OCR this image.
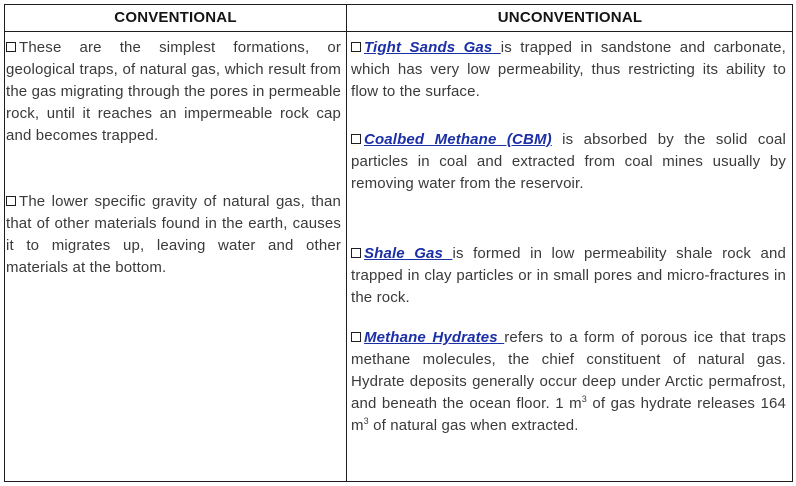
CONVENTIONAL	UNCONVENTIONAL

These are the simplest formations, or geological traps, of natural gas, which result from the gas migrating through the pores in permeable rock, until it reaches an impermeable rock cap and becomes trapped.

The lower specific gravity of natural gas, than that of other materials found in the earth, causes it to migrates up, leaving water and other materials at the bottom.

Tight Sands Gas is trapped in sandstone and carbonate, which has very low permeability, thus restricting its ability to flow to the surface.

Coalbed Methane (CBM) is absorbed by the solid coal particles in coal and extracted from coal mines usually by removing water from the reservoir.

Shale Gas is formed in low permeability shale rock and trapped in clay particles or in small pores and micro-fractures in the rock.

Methane Hydrates refers to a form of porous ice that traps methane molecules, the chief constituent of natural gas. Hydrate deposits generally occur deep under Arctic permafrost, and beneath the ocean floor. 1 $m^3$ of gas hydrate releases 164 $m^3$ of natural gas when extracted.
